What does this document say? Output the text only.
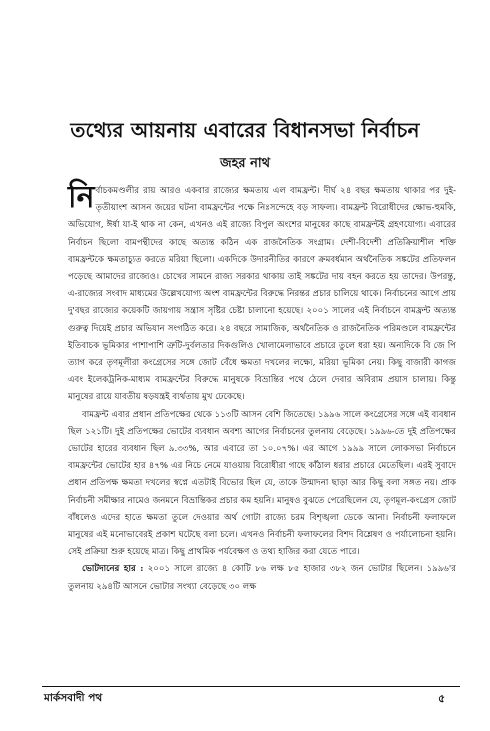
তথ্যের আয়নায় এবারের বিধানসভা নির্বাচন
জহর নাথ

নির্বাচকমণ্ডলীর রায় আরও একবার রাজ্যের ক্ষমতায় এল বামফ্রন্ট। দীর্ঘ ২৪ বছর ক্ষমতায় থাকার পর দুই-তৃতীয়াংশ আসন জয়ের ঘটনা বামফ্রন্টের পক্ষে নিঃসন্দেহে বড় সাফল্য। বামফ্রন্ট বিরোধীদের ক্ষোভ-হুমকি, অভিযোগ, ঈর্ষা যা-ই থাক না কেন, এখনও এই রাজ্যে বিপুল অংশের মানুষের কাছে বামফ্রন্টই গ্রহণযোগ্য। এবারের নির্বাচন ছিলো বামপন্থীদের কাছে অত্যন্ত কঠিন এক রাজনৈতিক সংগ্রাম। দেশী-বিদেশী প্রতিক্রিয়াশীল শক্তি বামফ্রন্টকে ক্ষমতাচ্যুত করতে মরিয়া ছিলো। একদিকে উদারনীতির কারণে ক্রমবর্ধমান অর্থনৈতিক সঙ্কটের প্রতিফলন পড়েছে আমাদের রাজ্যেও। চোখের সামনে রাজ্য সরকার থাকায় তাই সঙ্কটের দায় বহন করতে হয় তাদের। উপরন্তু, এ-রাজ্যের সংবাদ মাধ্যমের উল্লেখযোগ্য অংশ বামফ্রন্টের বিরুদ্ধে নিরন্তর প্রচার চালিয়ে থাকে। নির্বাচনের আগে প্রায় দু'বছর রাজ্যের কয়েকটি জায়গায় সন্ত্রাস সৃষ্টির চেষ্টা চালানো হয়েছে। ২০০১ সালের এই নির্বাচনে বামফ্রন্ট অত্যন্ত গুরুত্ব দিয়েই প্রচার অভিযান সংগঠিত করে। ২৪ বছরে সামাজিক, অর্থনৈতিক ও রাজনৈতিক পরিমণ্ডলে বামফ্রন্টের ইতিবাচক ভূমিকার পাশাপাশি ত্রুটি-দুর্বলতার দিকগুলিও খোলামেলাভাবে প্রচারে তুলে ধরা হয়। অন্যদিকে বি জে পি ত্যাগ করে তৃণমূলীরা কংগ্রেসের সঙ্গে জোট বেঁধে ক্ষমতা দখলের লক্ষ্যে, মরিয়া ভূমিকা নেয়। কিছু বাজারী কাগজ এবং ইলেকট্রনিক-মাধ্যম বামফ্রন্টের বিরুদ্ধে মানুষকে বিভ্রান্তির পথে ঠেলে দেবার অবিরাম প্রয়াস চালায়। কিন্তু মানুষের রায়ে যাবতীয় ষড়যন্ত্রই ব্যর্থতায় মুখ ঢেকেছে।

বামফ্রন্ট এবার প্রধান প্রতিপক্ষের থেকে ১১৩টি আসন বেশি জিতেছে। ১৯৯৬ সালে কংগ্রেসের সঙ্গে এই ব্যবধান ছিল ১২১টি। দুই প্রতিপক্ষের ভোটের ব্যবধান অবশ্য আগের নির্বাচনের তুলনায় বেড়েছে। ১৯৯৬-তে দুই প্রতিপক্ষের ভোটের হারের ব্যবধান ছিল ৯.৩৩%, আর এবারে তা ১০.০৭%। এর আগে ১৯৯৯ সালে লোকসভা নির্বাচনে বামফ্রন্টের ভোটের হার ৪৭% এর নিচে নেমে যাওয়ায় বিরোধীরা গাছে কাঁঠাল ধরার প্রচারে মেতেছিল। এরই সুবাদে প্রধান প্রতিপক্ষ ক্ষমতা দখলের স্বপ্নে এতটাই বিভোর ছিল যে, তাকে উন্মাদনা ছাড়া আর কিছু বলা সঙ্গত নয়। প্রাক নির্বাচনী সমীক্ষার নামেও জনমনে বিভ্রান্তিকর প্রচার কম হয়নি। মানুষও বুঝতে পেরেছিলেন যে, তৃণমূল-কংগ্রেস জোট বাঁধলেও এদের হাতে ক্ষমতা তুলে দেওয়ার অর্থ গোটা রাজ্যে চরম বিশৃঙ্খলা ডেকে আনা। নির্বাচনী ফলাফলে মানুষের এই মনোভাবেরই প্রকাশ ঘটেছে বলা চলে। এখনও নির্বাচনী ফলাফলের বিশদ বিশ্লেষণ ও পর্যালোচনা হয়নি। সেই প্রক্রিয়া শুরু হয়েছে মাত্র। কিছু প্রাথমিক পর্যবেক্ষণ ও তথ্য হাজির করা যেতে পারে।

ভোটদানের হার : ২০০১ সালে রাজ্যে ৪ কোটি ৮৬ লক্ষ ৮৫ হাজার ৩৮২ জন ভোটার ছিলেন। ১৯৯৬'র তুলনায় ২৯৪টি আসনে ভোটার সংখ্যা বেড়েছে ৩০ লক্ষ

মার্কসবাদী পথ	৫
